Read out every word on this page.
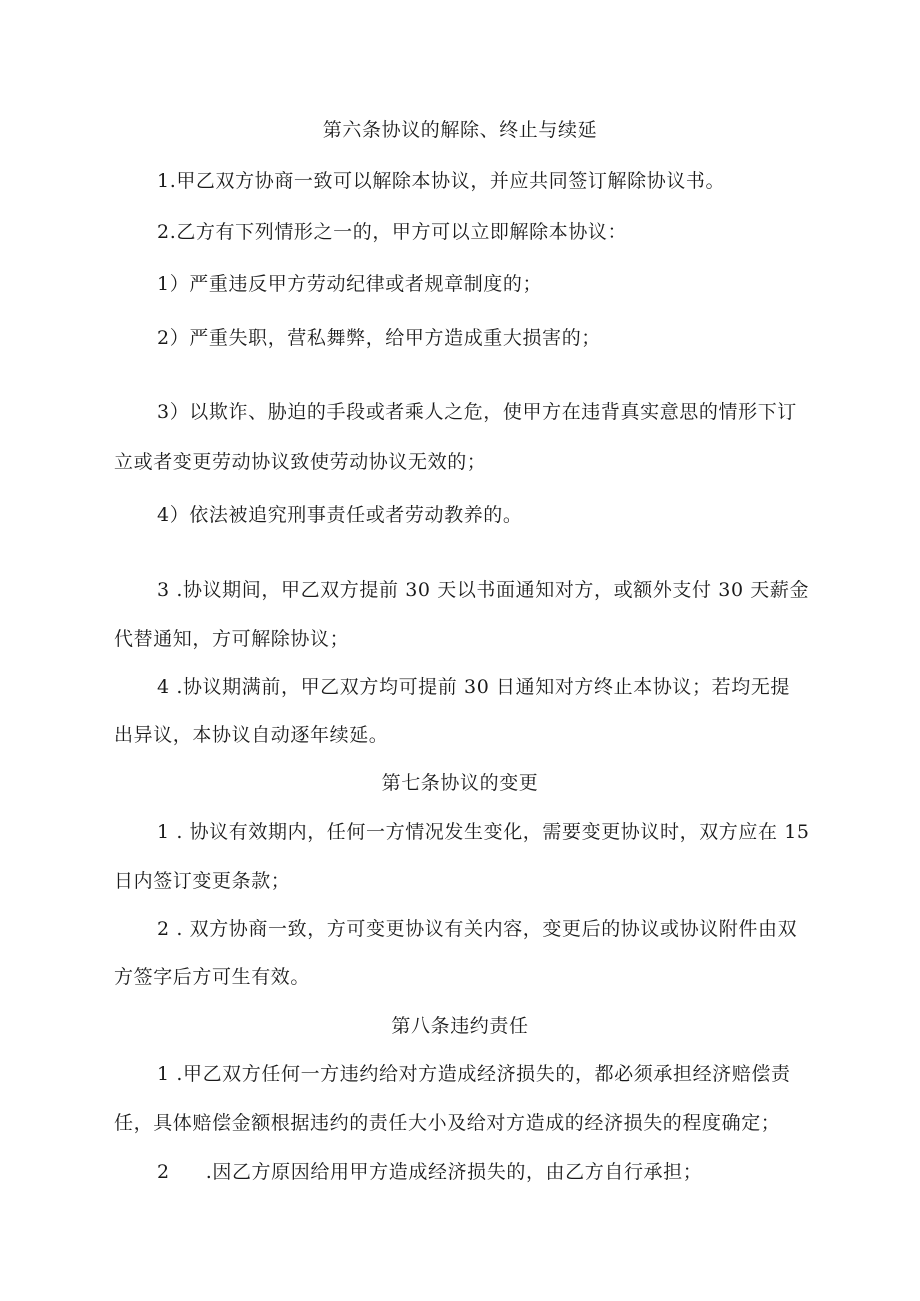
第六条协议的解除、终止与续延
1.甲乙双方协商一致可以解除本协议，并应共同签订解除协议书。
2.乙方有下列情形之一的，甲方可以立即解除本协议：
1）严重违反甲方劳动纪律或者规章制度的；
2）严重失职，营私舞弊，给甲方造成重大损害的；
3）以欺诈、胁迫的手段或者乘人之危，使甲方在违背真实意思的情形下订
立或者变更劳动协议致使劳动协议无效的；
4）依法被追究刑事责任或者劳动教养的。
3 .协议期间，甲乙双方提前 30 天以书面通知对方，或额外支付 30 天薪金
代替通知，方可解除协议；
4 .协议期满前，甲乙双方均可提前 30 日通知对方终止本协议；若均无提
出异议，本协议自动逐年续延。
第七条协议的变更
1 . 协议有效期内，任何一方情况发生变化，需要变更协议时，双方应在 15
日内签订变更条款；
2 . 双方协商一致，方可变更协议有关内容，变更后的协议或协议附件由双
方签字后方可生有效。
第八条违约责任
1 .甲乙双方任何一方违约给对方造成经济损失的，都必须承担经济赔偿责
任，具体赔偿金额根据违约的责任大小及给对方造成的经济损失的程度确定；
2 .因乙方原因给用甲方造成经济损失的，由乙方自行承担；
